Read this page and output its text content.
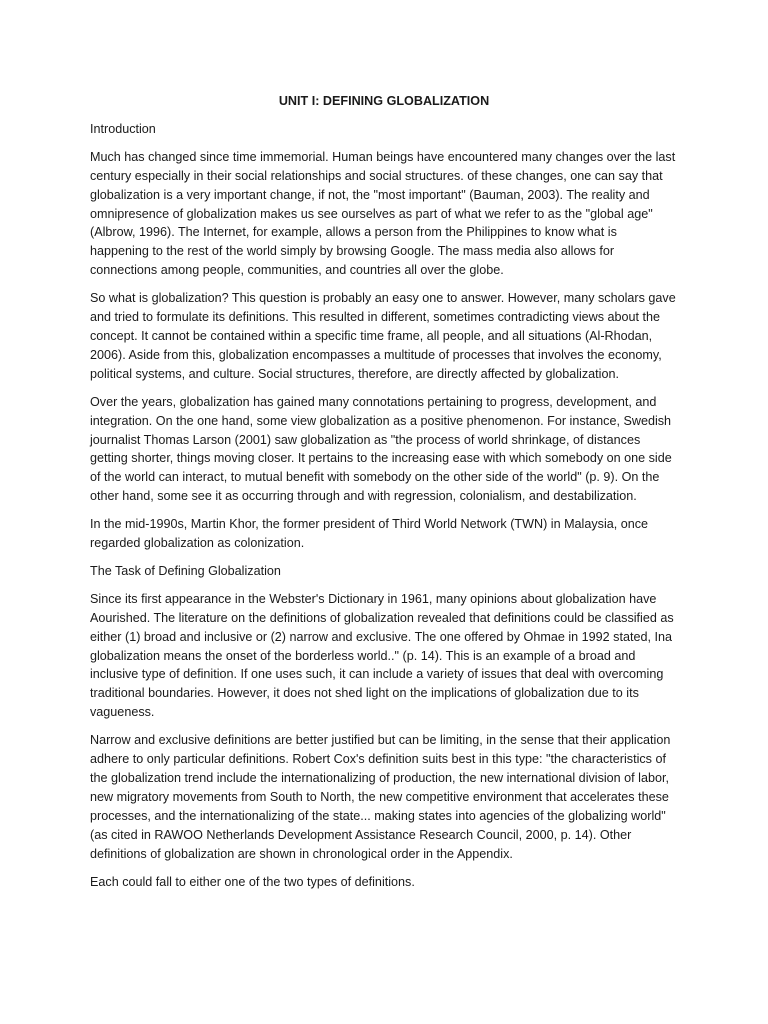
UNIT I: DEFINING GLOBALIZATION
Introduction

Much has changed since time immemorial. Human beings have encountered many changes over the last century especially in their social relationships and social structures. of these changes, one can say that globalization is a very important change, if not, the "most important" (Bauman, 2003). The reality and omnipresence of globalization makes us see ourselves as part of what we refer to as the "global age" (Albrow, 1996). The Internet, for example, allows a person from the Philippines to know what is happening to the rest of the world simply by browsing Google. The mass media also allows for connections among people, communities, and countries all over the globe.

So what is globalization? This question is probably an easy one to answer. However, many scholars gave and tried to formulate its definitions. This resulted in different, sometimes contradicting views about the concept. It cannot be contained within a specific time frame, all people, and all situations (Al-Rhodan, 2006). Aside from this, globalization encompasses a multitude of processes that involves the economy, political systems, and culture. Social structures, therefore, are directly affected by globalization.

Over the years, globalization has gained many connotations pertaining to progress, development, and integration. On the one hand, some view globalization as a positive phenomenon. For instance, Swedish journalist Thomas Larson (2001) saw globalization as "the process of world shrinkage, of distances getting shorter, things moving closer. It pertains to the increasing ease with which somebody on one side of the world can interact, to mutual benefit with somebody on the other side of the world" (p. 9). On the other hand, some see it as occurring through and with regression, colonialism, and destabilization.

In the mid-1990s, Martin Khor, the former president of Third World Network (TWN) in Malaysia, once regarded globalization as colonization.

The Task of Defining Globalization

Since its first appearance in the Webster's Dictionary in 1961, many opinions about globalization have Aourished. The literature on the definitions of globalization revealed that definitions could be classified as either (1) broad and inclusive or (2) narrow and exclusive. The one offered by Ohmae in 1992 stated, Ina globalization means the onset of the borderless world.." (p. 14). This is an example of a broad and inclusive type of definition. If one uses such, it can include a variety of issues that deal with overcoming traditional boundaries. However, it does not shed light on the implications of globalization due to its vagueness.

Narrow and exclusive definitions are better justified but can be limiting, in the sense that their application adhere to only particular definitions. Robert Cox's definition suits best in this type: "the characteristics of the globalization trend include the internationalizing of production, the new international division of labor, new migratory movements from South to North, the new competitive environment that accelerates these processes, and the internationalizing of the state... making states into agencies of the globalizing world" (as cited in RAWOO Netherlands Development Assistance Research Council, 2000, p. 14). Other definitions of globalization are shown in chronological order in the Appendix.

Each could fall to either one of the two types of definitions.
